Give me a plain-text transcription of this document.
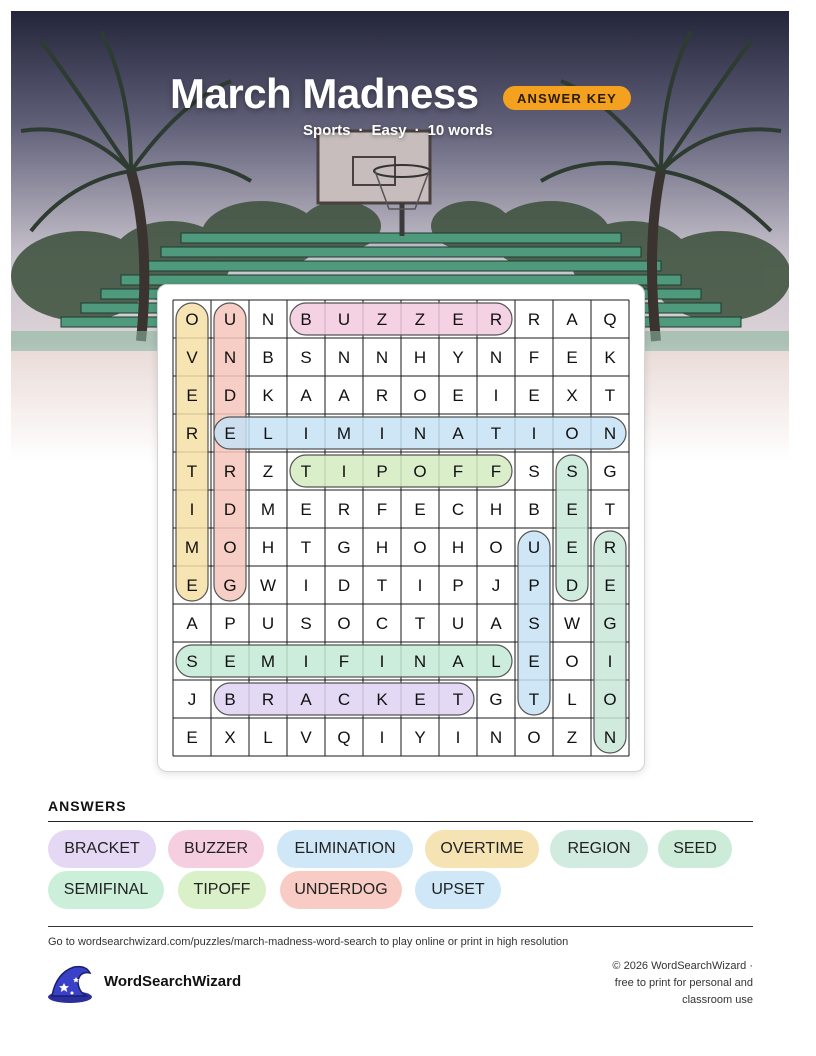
March Madness	ANSWER KEY
Sports · Easy · 10 words
O U N B U Z Z E R R A Q
V N B S N N H Y N F E K
E D K A A R O E I E X T
R E L I M I N A T I O N
T R Z T I P O F F S S G
I D M E R F E C H B E T
M O H T G H O H O U E R
E G W I D T I P J P D E
A P U S O C T U A S W G
S E M I F I N A L E O I
J B R A C K E T G T L O
E X L V Q I Y I N O Z N
ANSWERS
BRACKET	BUZZER	ELIMINATION	OVERTIME	REGION	SEED
SEMIFINAL	TIPOFF	UNDERDOG	UPSET
Go to wordsearchwizard.com/puzzles/march-madness-word-search to play online or print in high resolution
WordSearchWizard
© 2026 WordSearchWizard ·
free to print for personal and
classroom use
